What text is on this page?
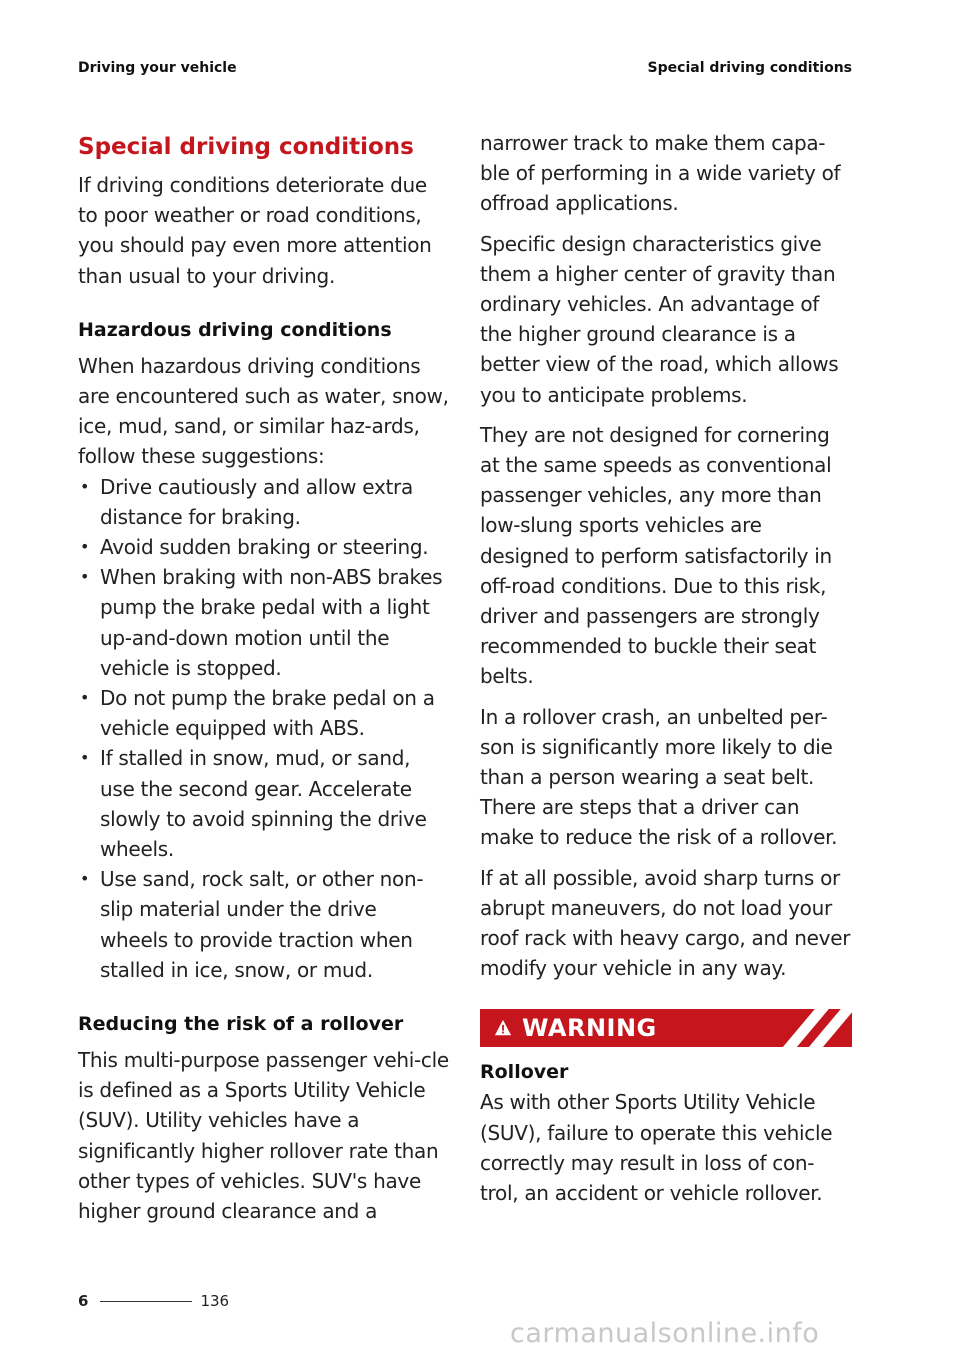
Driving your vehicle	Special driving conditions
Special driving conditions

If driving conditions deteriorate due to poor weather or road conditions, you should pay even more attention than usual to your driving.

Hazardous driving conditions

When hazardous driving conditions are encountered such as water, snow, ice, mud, sand, or similar haz-ards, follow these suggestions:

• Drive cautiously and allow extra distance for braking.
• Avoid sudden braking or steering.
• When braking with non-ABS brakes pump the brake pedal with a light up-and-down motion until the vehicle is stopped.
• Do not pump the brake pedal on a vehicle equipped with ABS.
• If stalled in snow, mud, or sand, use the second gear. Accelerate slowly to avoid spinning the drive wheels.
• Use sand, rock salt, or other non-slip material under the drive wheels to provide traction when stalled in ice, snow, or mud.
Reducing the risk of a rollover

This multi-purpose passenger vehi-cle is defined as a Sports Utility Vehicle (SUV). Utility vehicles have a significantly higher rollover rate than other types of vehicles. SUV's have higher ground clearance and a

narrower track to make them capa-ble of performing in a wide variety of offroad applications.

Specific design characteristics give them a higher center of gravity than ordinary vehicles. An advantage of the higher ground clearance is a better view of the road, which allows you to anticipate problems.

They are not designed for cornering at the same speeds as conventional passenger vehicles, any more than low-slung sports vehicles are designed to perform satisfactorily in off-road conditions. Due to this risk, driver and passengers are strongly recommended to buckle their seat belts.

In a rollover crash, an unbelted per-son is significantly more likely to die than a person wearing a seat belt. There are steps that a driver can make to reduce the risk of a rollover.

If at all possible, avoid sharp turns or abrupt maneuvers, do not load your roof rack with heavy cargo, and never modify your vehicle in any way.

WARNING
Rollover

As with other Sports Utility Vehicle (SUV), failure to operate this vehicle correctly may result in loss of con-trol, an accident or vehicle rollover.

6	136
carmanualsonline.info
